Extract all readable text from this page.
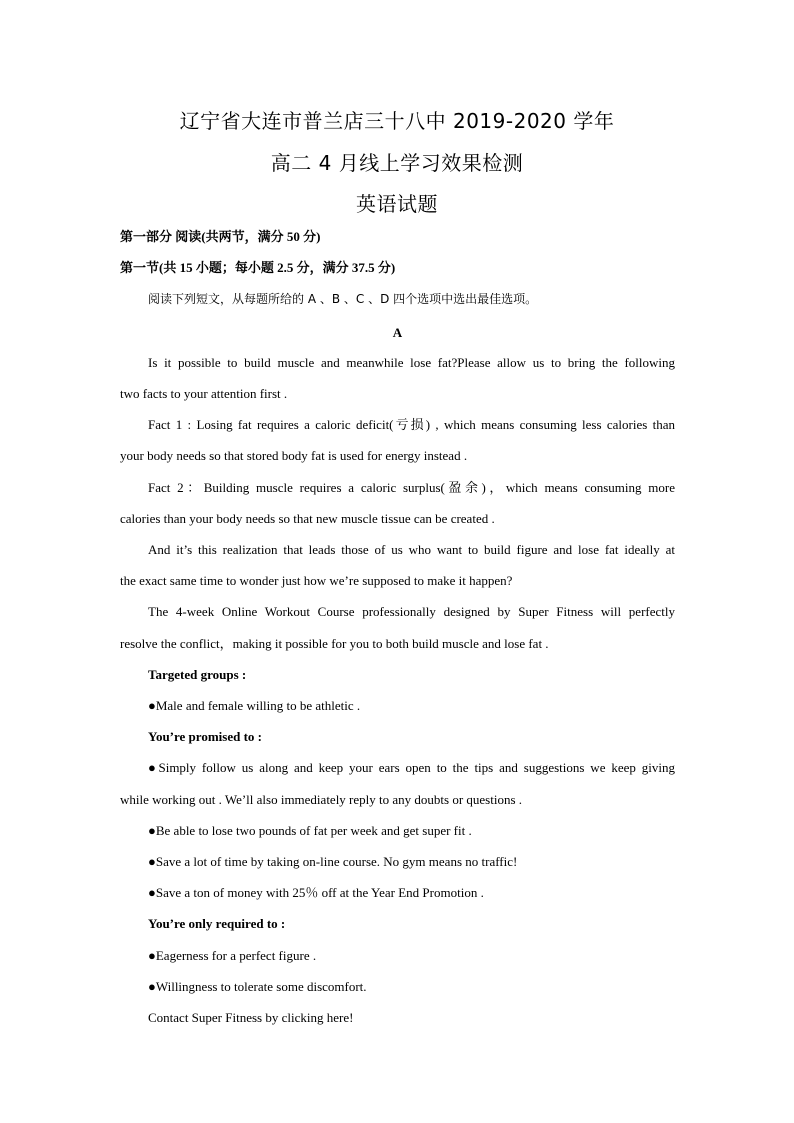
辽宁省大连市普兰店三十八中 2019-2020 学年
高二 4 月线上学习效果检测
英语试题
第一部分 阅读(共两节，满分 50 分)
第一节(共 15 小题；每小题 2.5 分，满分 37.5 分)
阅读下列短文，从每题所给的 A 、B 、C 、D 四个选项中选出最佳选项。
A
Is it possible to build muscle and meanwhile lose fat?Please allow us to bring the following
two facts to your attention first .
Fact 1 : Losing fat requires a caloric deficit(亏损) , which means consuming less calories than
your body needs so that stored body fat is used for energy instead .
Fact 2：Building muscle requires a caloric surplus(盈余)，which means consuming more
calories than your body needs so that new muscle tissue can be created .
And it’s this realization that leads those of us who want to build figure and lose fat ideally at
the exact same time to wonder just how we’re supposed to make it happen?
The 4-week Online Workout Course professionally designed by Super Fitness will perfectly
resolve the conflict，making it possible for you to both build muscle and lose fat .
Targeted groups :
●Male and female willing to be athletic .
You’re promised to :
●Simply follow us along and keep your ears open to the tips and suggestions we keep giving
while working out . We’ll also immediately reply to any doubts or questions .
●Be able to lose two pounds of fat per week and get super fit .
●Save a lot of time by taking on-line course. No gym means no traffic!
●Save a ton of money with 25％ off at the Year End Promotion .
You’re only required to :
●Eagerness for a perfect figure .
●Willingness to tolerate some discomfort.
Contact Super Fitness by clicking here!
